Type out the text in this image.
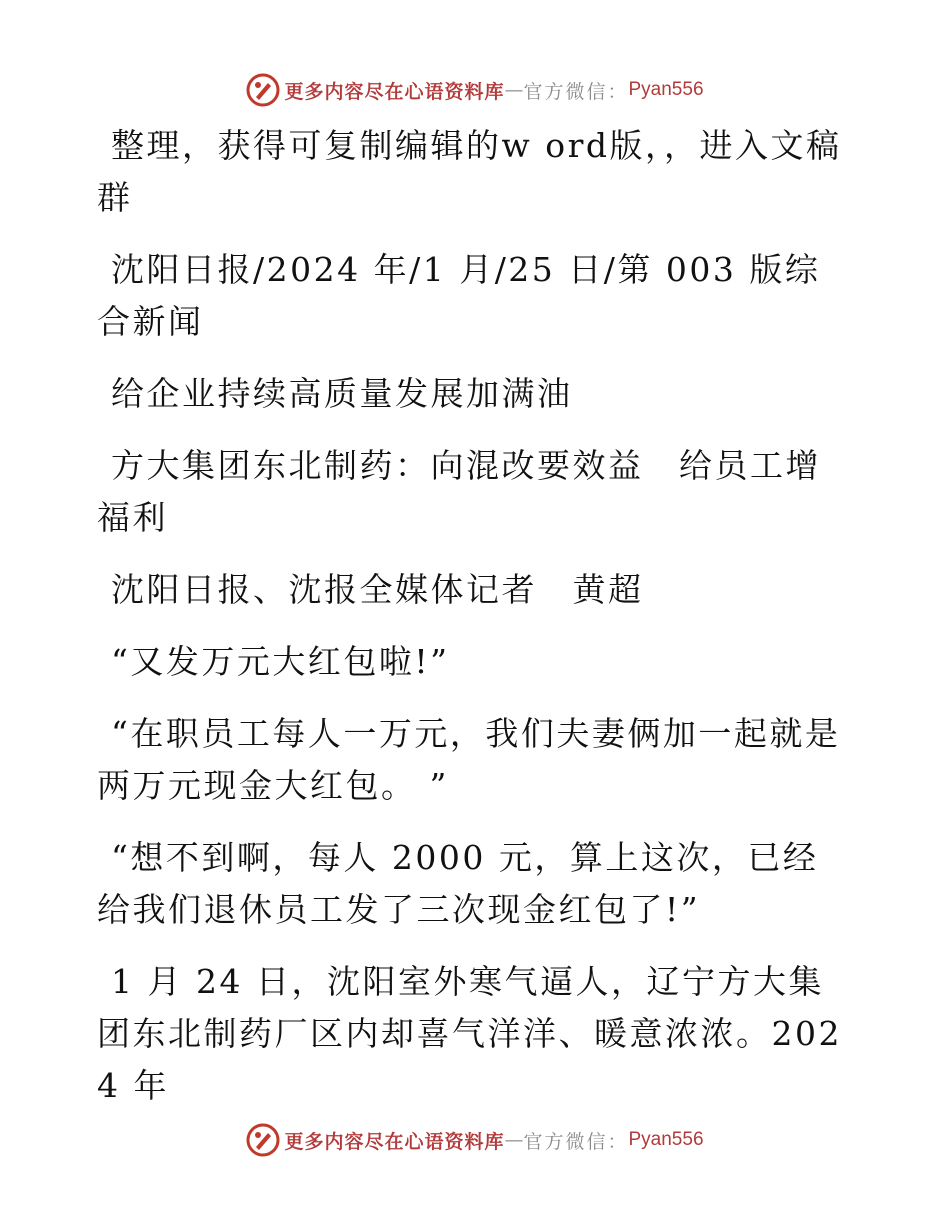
更多内容尽在心语资料库 — 官方微信： Pyan556

整理，获得可复制编辑的w ord版，，进入文稿群

沈阳日报/2024 年/1 月/25 日/第 003 版综合新闻

给企业持续高质量发展加满油

方大集团东北制药：向混改要效益　给员工增福利

沈阳日报、沈报全媒体记者　黄超

“又发万元大红包啦!”

“在职员工每人一万元，我们夫妻俩加一起就是两万元现金大红包。 ”

“想不到啊，每人 2000 元，算上这次，已经给我们退休员工发了三次现金红包了!”

1 月 24 日，沈阳室外寒气逼人，辽宁方大集团东北制药厂区内却喜气洋洋、暖意浓浓。2024 年

更多内容尽在心语资料库 — 官方微信： Pyan556
